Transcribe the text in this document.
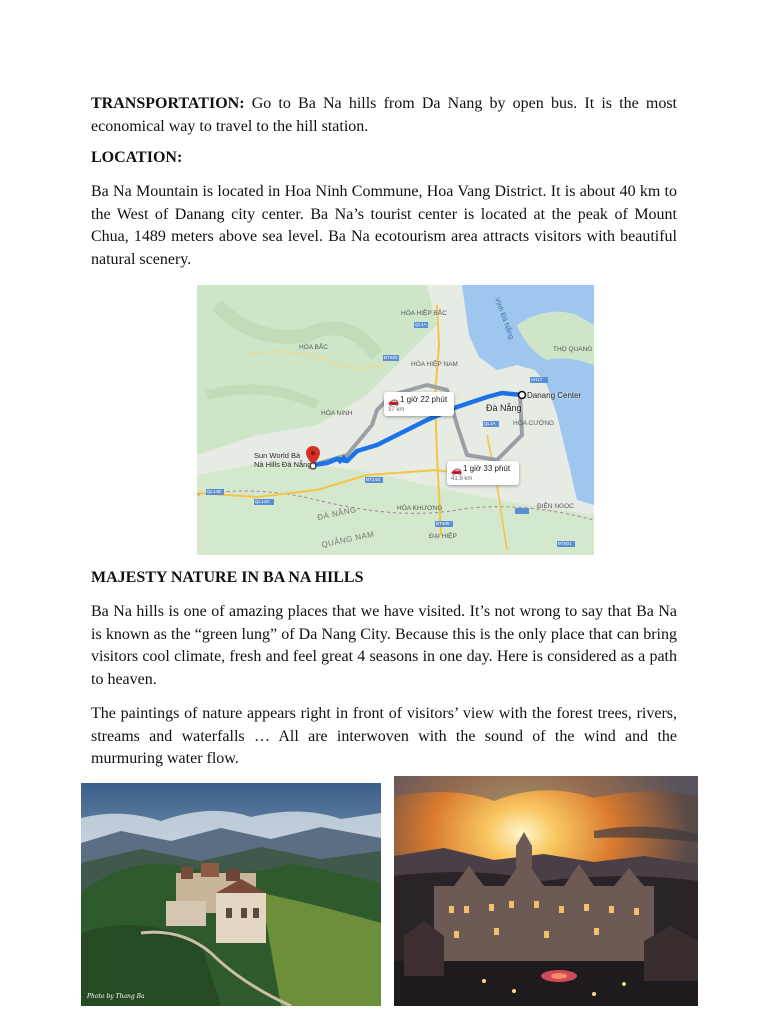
TRANSPORTATION: Go to Ba Na hills from Da Nang by open bus. It is the most economical way to travel to the hill station.

LOCATION:

Ba Na Mountain is located in Hoa Ninh Commune, Hoa Vang District. It is about 40 km to the West of Danang city center. Ba Na’s tourist center is located at the peak of Mount Chua, 1489 meters above sea level. Ba Na ecotourism area attracts visitors with beautiful natural scenery.

HÒA BẮC
HÒA NINH
HÒA KHƯƠNG
HÒA HIỆP BẮC
HÒA HIỆP NAM
THỌ QUANG
HÒA CƯỜNG
ĐIỆN NGỌC
ĐẠI HIỆP
Vịnh Đà Nẵng
ĐÀ NẴNG
QUẢNG NAM
QL1A
ĐT602
AH17
QL1A
QL14B
QL14G
ĐT14G
ĐT605
ĐT601
Sun World Bà
Nà Hills Đà Nẵng
Danang Center
Đà Nẵng
🚗 1 giờ 22 phút
37 km
🚗 1 giờ 33 phút
41,9 km

MAJESTY NATURE IN BA NA HILLS

Ba Na hills is one of amazing places that we have visited. It’s not wrong to say that Ba Na is known as the “green lung” of Da Nang City. Because this is the only place that can bring visitors cool climate, fresh and feel great 4 seasons in one day. Here is considered as a path to heaven.

The paintings of nature appears right in front of visitors’ view with the forest trees, rivers, streams and waterfalls … All are interwoven with the sound of the wind and the murmuring water flow.

Photo by Thang Ba
